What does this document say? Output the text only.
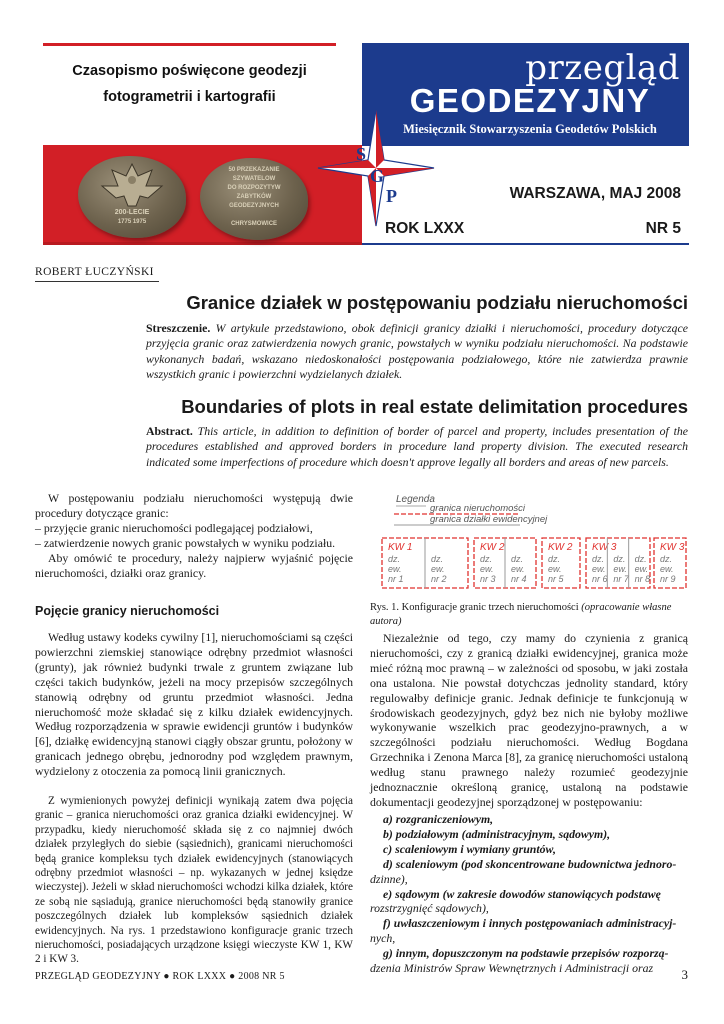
Czasopismo poświęcone geodezji
fotogrametrii i kartografii
przegląd
GEODEZYJNY
Miesięcznik Stowarzyszenia Geodetów Polskich
200-LECIE
1775 1975
50 PRZEKAZANIE
SZYWATELOW
DO ROZPOZYTYW
ZABYTKÓW
GEODEZYJNYCH
CHRYSMOWICE
S
G
P	WARSZAWA, MAJ 2008
ROK LXXX	NR 5
ROBERT ŁUCZYŃSKI
Granice działek w postępowaniu podziału nieruchomości
Streszczenie. W artykule przedstawiono, obok definicji granicy działki i nieruchomości, procedury dotyczące przyjęcia granic oraz zatwierdzenia nowych granic, powstałych w wyniku podziału nieruchomości. Na podstawie wykonanych badań, wskazano niedoskonałości postępowania podziałowego, które nie zatwierdza prawnie wszystkich granic i powierzchni wydzielanych działek.
Boundaries of plots in real estate delimitation procedures
Abstract. This article, in addition to definition of border of parcel and property, includes presentation of the procedures established and approved borders in procedure land property division. The executed research indicated some imperfections of procedure which doesn't approve legally all borders and areas of new parcels.

W postępowaniu podziału nieruchomości występują dwie procedury dotyczące granic:

– przyjęcie granic nieruchomości podlegającej podziałowi,

– zatwierdzenie nowych granic powstałych w wyniku podziału.

Aby omówić te procedury, należy najpierw wyjaśnić pojęcie nieruchomości, działki oraz granicy.

Pojęcie granicy nieruchomości

Według ustawy kodeks cywilny [1], nieruchomościami są części powierzchni ziemskiej stanowiące odrębny przedmiot własności (grunty), jak również budynki trwale z gruntem związane lub części takich budynków, jeżeli na mocy przepisów szczególnych stanowią odrębny od gruntu przedmiot własności. Jedna nieruchomość może składać się z kilku działek ewidencyjnych. Według rozporządzenia w sprawie ewidencji gruntów i budynków [6], działkę ewidencyjną stanowi ciągły obszar gruntu, położony w granicach jednego obrębu, jednorodny pod względem prawnym, wydzielony z otoczenia za pomocą linii granicznych.

Z wymienionych powyżej definicji wynikają zatem dwa pojęcia granic – granica nieruchomości oraz granica działki ewidencyjnej. W przypadku, kiedy nieruchomość składa się z co najmniej dwóch działek przyległych do siebie (sąsiednich), granicami nieruchomości będą granice kompleksu tych działek ewidencyjnych (stanowiących odrębny przedmiot własności – np. wykazanych w jednej księdze wieczystej). Jeżeli w skład nieruchomości wchodzi kilka działek, które ze sobą nie sąsiadują, granice nieruchomości będą stanowiły granice poszczególnych działek lub kompleksów sąsiednich działek ewidencyjnych. Na rys. 1 przedstawiono konfiguracje granic trzech nieruchomości, posiadających urządzone księgi wieczyste KW 1, KW 2 i KW 3.

Legenda
granica nieruchomości
granica działki ewidencyjnej
KW 1
dz.
ew.
nr 1
dz.
ew.
nr 2
KW 2
dz.
ew.
nr 3
dz.
ew.
nr 4
KW 2
dz.
ew.
nr 5
KW 3
dz.
ew.
nr 6
dz.
ew.
nr 7
dz.
ew.
nr 8
KW 3
dz.
ew.
nr 9
Rys. 1. Konfiguracje granic trzech nieruchomości (opracowanie własne autora)

Niezależnie od tego, czy mamy do czynienia z granicą nieruchomości, czy z granicą działki ewidencyjnej, granica może mieć różną moc prawną – w zależności od sposobu, w jaki została ona ustalona. Nie powstał dotychczas jednolity standard, który regulowałby definicje granic. Jednak definicje te funkcjonują w środowiskach geodezyjnych, gdyż bez nich nie byłoby możliwe wykonywanie wszelkich prac geodezyjno-prawnych, a w szczególności podziału nieruchomości. Według Bogdana Grzechnika i Zenona Marca [8], za granicę nieruchomości ustaloną według stanu prawnego należy rozumieć geodezyjnie jednoznacznie określoną granicę, ustaloną na podstawie dokumentacji geodezyjnej sporządzonej w postępowaniu:

a) rozgraniczeniowym,

b) podziałowym (administracyjnym, sądowym),

c) scaleniowym i wymiany gruntów,

d) scaleniowym (pod skoncentrowane budownictwa jednoro-

dzinne),

e) sądowym (w zakresie dowodów stanowiących podstawę

rozstrzygnięć sądowych),

f) uwłaszczeniowym i innych postępowaniach administracyj-

nych,

g) innym, dopuszczonym na podstawie przepisów rozporzą-

dzenia Ministrów Spraw Wewnętrznych i Administracji oraz

PRZEGLĄD GEODEZYJNY ● ROK LXXX ● 2008 NR 5	3
